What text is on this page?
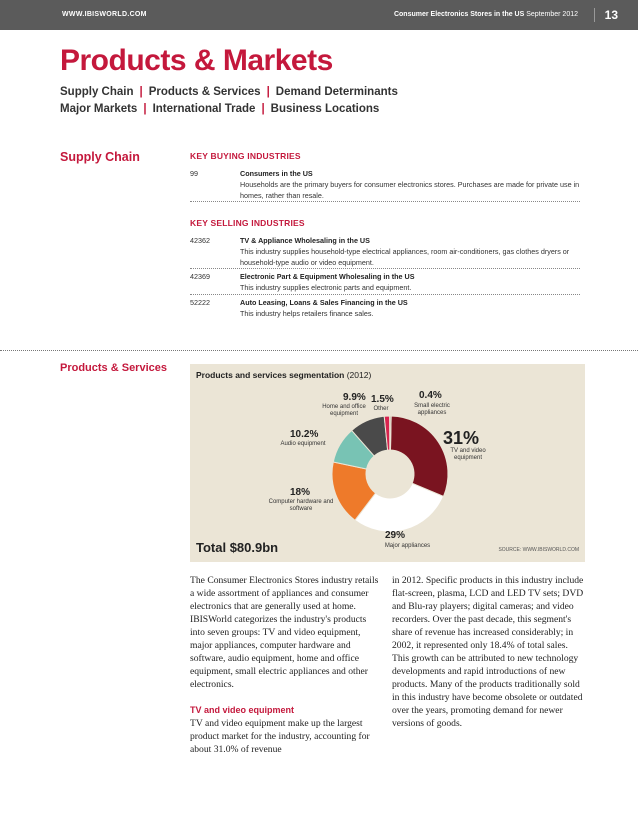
WWW.IBISWORLD.COM	Consumer Electronics Stores in the US September 2012	13
Products & Markets
Supply Chain | Products & Services | Demand Determinants
Major Markets | International Trade | Business Locations
Supply Chain	KEY BUYING INDUSTRIES
99	Consumers in the US
Households are the primary buyers for consumer electronics stores. Purchases are made for private use in homes, rather than resale.
KEY SELLING INDUSTRIES
42362	TV & Appliance Wholesaling in the US
This industry supplies household-type electrical appliances, room air-conditioners, gas clothes dryers or household-type audio or video equipment.
42369	Electronic Part & Equipment Wholesaling in the US
This industry supplies electronic parts and equipment.
52222	Auto Leasing, Loans & Sales Financing in the US
This industry helps retailers finance sales.
Products & Services
Products and services segmentation (2012)
31%
TV and video equipment
29%
Major appliances
18%
Computer hardware and software
10.2%
Audio equipment
9.9%
Home and office equipment
1.5%
Other
0.4%
Small electric appliances
Total $80.9bn	SOURCE: WWW.IBISWORLD.COM

The Consumer Electronics Stores industry retails a wide assortment of appliances and consumer electronics that are generally used at home. IBISWorld categorizes the industry's products into seven groups: TV and video equipment, major appliances, computer hardware and software, audio equipment, home and office equipment, small electric appliances and other electronics.

TV and video equipment

TV and video equipment make up the largest product market for the industry, accounting for about 31.0% of revenue

in 2012. Specific products in this industry include flat-screen, plasma, LCD and LED TV sets; DVD and Blu-ray players; digital cameras; and video recorders. Over the past decade, this segment's share of revenue has increased considerably; in 2002, it represented only 18.4% of total sales. This growth can be attributed to new technology developments and rapid introductions of new products. Many of the products traditionally sold in this industry have become obsolete or outdated over the years, promoting demand for newer versions of goods.
